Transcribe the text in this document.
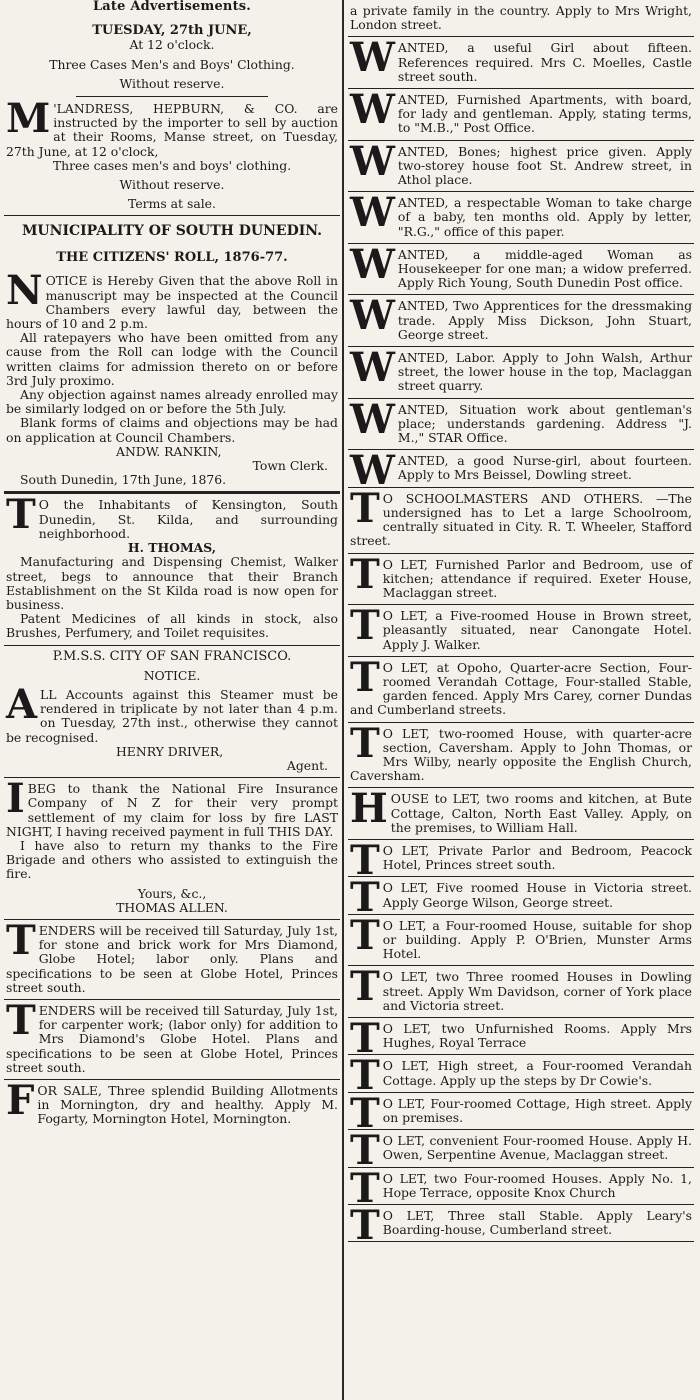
Late Advertisements.
TUESDAY, 27th JUNE,
At 12 o'clock.
Three Cases Men's and Boys' Clothing.
Without reserve.

M 'LANDRESS, HEPBURN, & CO. are instructed by the importer to sell by auction at their Rooms, Manse street, on Tuesday, 27th June, at 12 o'clock,

Three cases men's and boys' clothing.
Without reserve.
Terms at sale.
MUNICIPALITY OF SOUTH DUNEDIN.
THE CITIZENS' ROLL, 1876-77.

NOTICE is Hereby Given that the above Roll in manuscript may be inspected at the Council Chambers every lawful day, between the hours of 10 and 2 p.m.

All ratepayers who have been omitted from any cause from the Roll can lodge with the Council written claims for admission thereto on or before 3rd July proximo.

Any objection against names already enrolled may be similarly lodged on or before the 5th July.

Blank forms of claims and objections may be had on application at Council Chambers.

ANDW. RANKIN,
Town Clerk.
South Dunedin, 17th June, 1876.

T O the Inhabitants of Kensington, South Dunedin, St. Kilda, and surrounding neighborhood.

H. THOMAS,

Manufacturing and Dispensing Chemist, Walker street, begs to announce that their Branch Establishment on the St Kilda road is now open for business.

Patent Medicines of all kinds in stock, also Brushes, Perfumery, and Toilet requisites.

P.M.S.S. CITY OF SAN FRANCISCO.
NOTICE.

ALL Accounts against this Steamer must be rendered in triplicate by not later than 4 p.m. on Tuesday, 27th inst., otherwise they cannot be recognised.

HENRY DRIVER,
Agent.

IBEG to thank the National Fire Insurance Company of N Z for their very prompt settlement of my claim for loss by fire LAST NIGHT, I having received payment in full THIS DAY.

I have also to return my thanks to the Fire Brigade and others who assisted to extinguish the fire.

Yours, &c.,
THOMAS ALLEN.

TENDERS will be received till Saturday, July 1st, for stone and brick work for Mrs Diamond, Globe Hotel; labor only. Plans and specifications to be seen at Globe Hotel, Princes street south.

TENDERS will be received till Saturday, July 1st, for carpenter work; (labor only) for addition to Mrs Diamond's Globe Hotel. Plans and specifications to be seen at Globe Hotel, Princes street south.

FOR SALE, Three splendid Building Allotments in Mornington, dry and healthy. Apply M. Fogarty, Mornington Hotel, Mornington.

a private family in the country. Apply to Mrs Wright, London street.

WANTED, a useful Girl about fifteen. References required. Mrs C. Moelles, Castle street south.

WANTED, Furnished Apartments, with board, for lady and gentleman. Apply, stating terms, to "M.B.," Post Office.

WANTED, Bones; highest price given. Apply two-storey house foot St. Andrew street, in Athol place.

WANTED, a respectable Woman to take charge of a baby, ten months old. Apply by letter, "R.G.," office of this paper.

WANTED, a middle-aged Woman as Housekeeper for one man; a widow preferred. Apply Rich Young, South Dunedin Post office.

WANTED, Two Apprentices for the dressmaking trade. Apply Miss Dickson, John Stuart, George street.

WANTED, Labor. Apply to John Walsh, Arthur street, the lower house in the top, Maclaggan street quarry.

WANTED, Situation work about gentleman's place; understands gardening. Address "J. M.," STAR Office.

WANTED, a good Nurse-girl, about fourteen. Apply to Mrs Beissel, Dowling street.

T O SCHOOLMASTERS AND OTHERS. —The undersigned has to Let a large Schoolroom, centrally situated in City. R. T. Wheeler, Stafford street.

T O LET, Furnished Parlor and Bedroom, use of kitchen; attendance if required. Exeter House, Maclaggan street.

T O LET, a Five-roomed House in Brown street, pleasantly situated, near Canongate Hotel. Apply J. Walker.

T O LET, at Opoho, Quarter-acre Section, Four-roomed Verandah Cottage, Four-stalled Stable, garden fenced. Apply Mrs Carey, corner Dundas and Cumberland streets.

T O LET, two-roomed House, with quarter-acre section, Caversham. Apply to John Thomas, or Mrs Wilby, nearly opposite the English Church, Caversham.

HOUSE to LET, two rooms and kitchen, at Bute Cottage, Calton, North East Valley. Apply, on the premises, to William Hall.

T O LET, Private Parlor and Bedroom, Peacock Hotel, Princes street south.

T O LET, Five roomed House in Victoria street. Apply George Wilson, George street.

T O LET, a Four-roomed House, suitable for shop or building. Apply P. O'Brien, Munster Arms Hotel.

T O LET, two Three roomed Houses in Dowling street. Apply Wm Davidson, corner of York place and Victoria street.

T O LET, two Unfurnished Rooms. Apply Mrs Hughes, Royal Terrace

T O LET, High street, a Four-roomed Verandah Cottage. Apply up the steps by Dr Cowie's.

T O LET, Four-roomed Cottage, High street. Apply on premises.

T O LET, convenient Four-roomed House. Apply H. Owen, Serpentine Avenue, Maclaggan street.

T O LET, two Four-roomed Houses. Apply No. 1, Hope Terrace, opposite Knox Church

T O LET, Three stall Stable. Apply Leary's Boarding-house, Cumberland street.
